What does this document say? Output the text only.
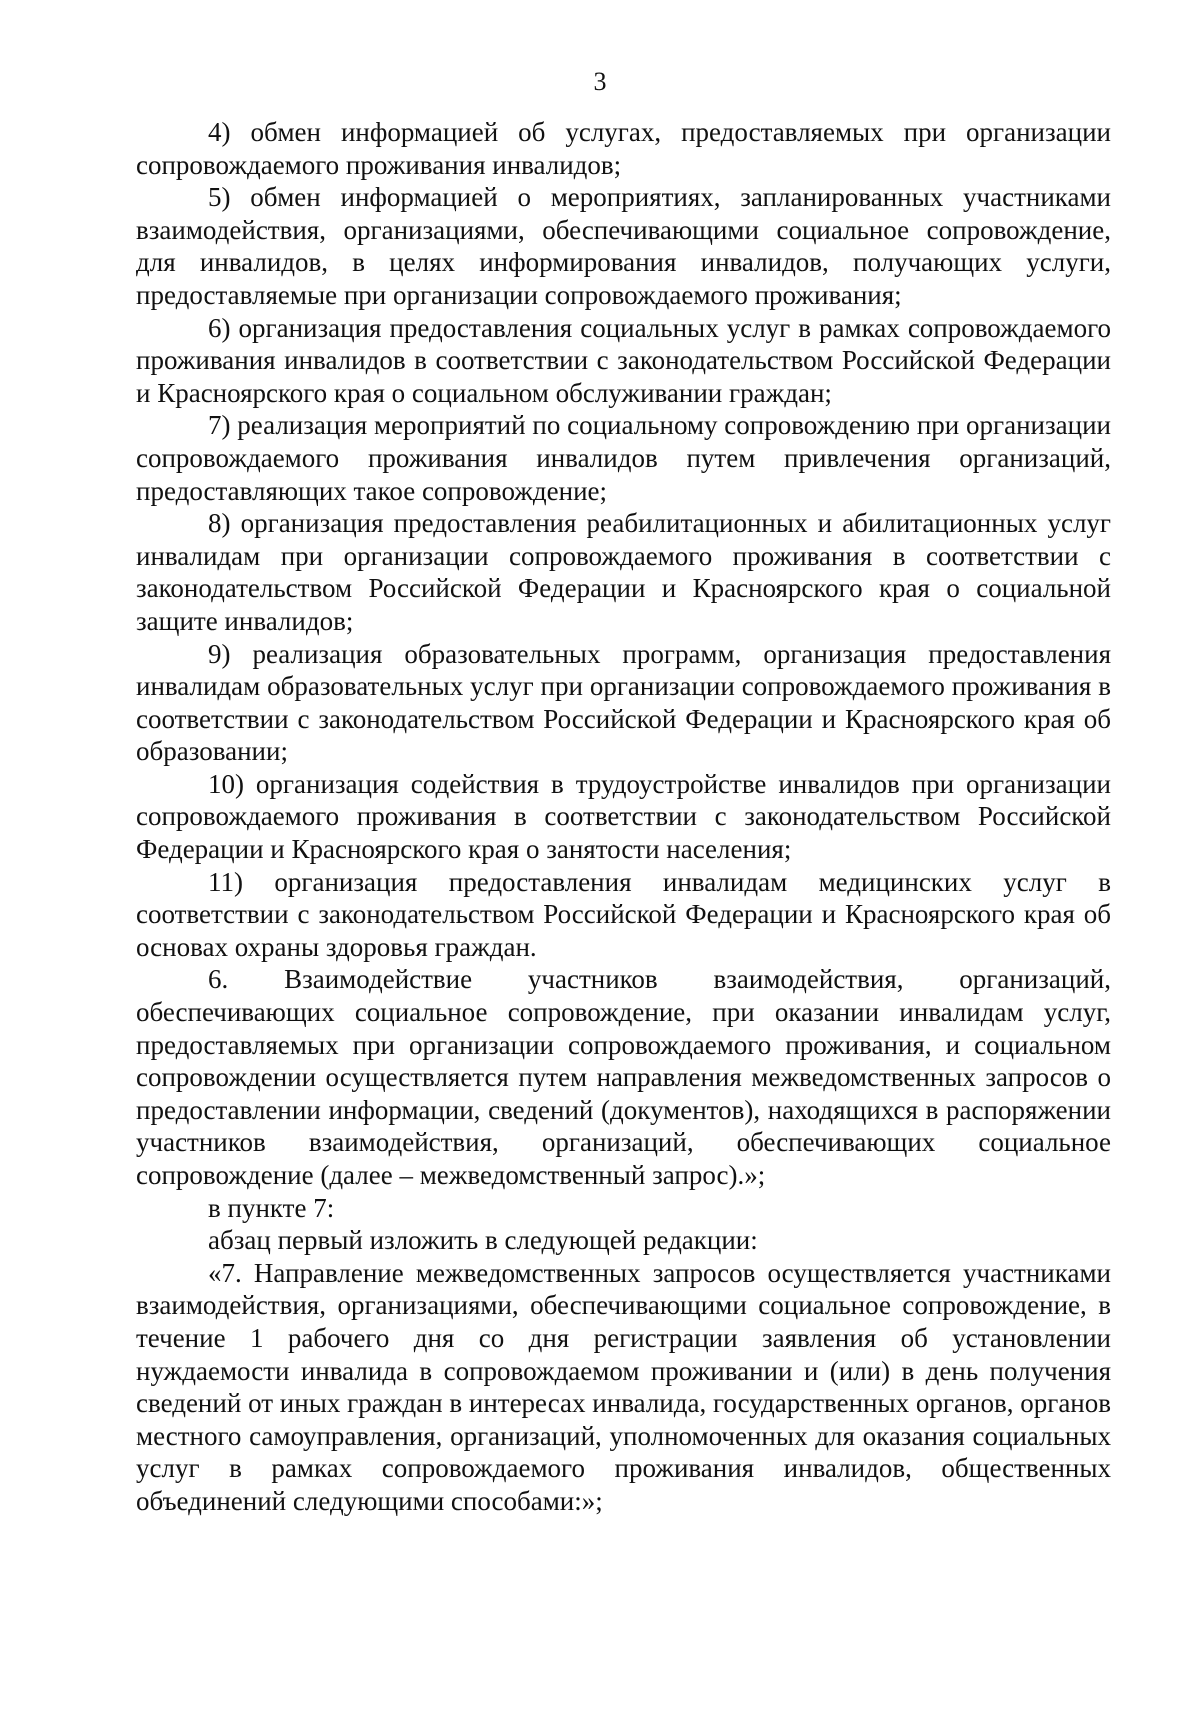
3

4) обмен информацией об услугах, предоставляемых при организации сопровождаемого проживания инвалидов;

5) обмен информацией о мероприятиях, запланированных участниками взаимодействия, организациями, обеспечивающими социальное сопровождение, для инвалидов, в целях информирования инвалидов, получающих услуги, предоставляемые при организации сопровождаемого проживания;

6) организация предоставления социальных услуг в рамках сопровождаемого проживания инвалидов в соответствии с законодательством Российской Федерации и Красноярского края о социальном обслуживании граждан;

7) реализация мероприятий по социальному сопровождению при организации сопровождаемого проживания инвалидов путем привлечения организаций, предоставляющих такое сопровождение;

8) организация предоставления реабилитационных и абилитационных услуг инвалидам при организации сопровождаемого проживания в соответствии с законодательством Российской Федерации и Красноярского края о социальной защите инвалидов;

9) реализация образовательных программ, организация предоставления инвалидам образовательных услуг при организации сопровождаемого проживания в соответствии с законодательством Российской Федерации и Красноярского края об образовании;

10) организация содействия в трудоустройстве инвалидов при организации сопровождаемого проживания в соответствии с законодательством Российской Федерации и Красноярского края о занятости населения;

11) организация предоставления инвалидам медицинских услуг в соответствии с законодательством Российской Федерации и Красноярского края об основах охраны здоровья граждан.

6. Взаимодействие участников взаимодействия, организаций, обеспечивающих социальное сопровождение, при оказании инвалидам услуг, предоставляемых при организации сопровождаемого проживания, и социальном сопровождении осуществляется путем направления межведомственных запросов о предоставлении информации, сведений (документов), находящихся в распоряжении участников взаимодействия, организаций, обеспечивающих социальное сопровождение (далее – межведомственный запрос).»;

в пункте 7:

абзац первый изложить в следующей редакции:

«7. Направление межведомственных запросов осуществляется участниками взаимодействия, организациями, обеспечивающими социальное сопровождение, в течение 1 рабочего дня со дня регистрации заявления об установлении нуждаемости инвалида в сопровождаемом проживании и (или) в день получения сведений от иных граждан в интересах инвалида, государственных органов, органов местного самоуправления, организаций, уполномоченных для оказания социальных услуг в рамках сопровождаемого проживания инвалидов, общественных объединений следующими способами:»;
